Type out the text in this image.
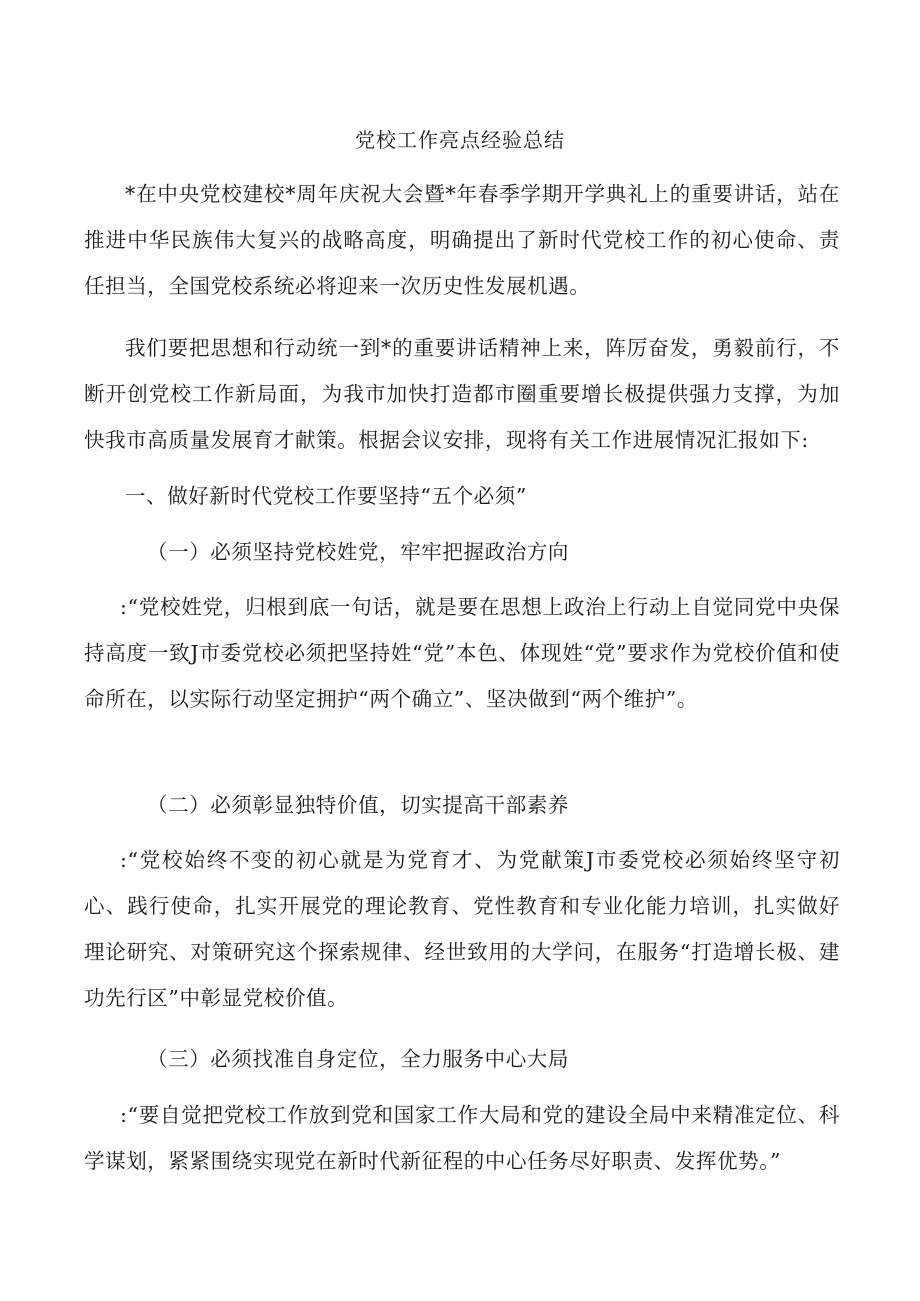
党校工作亮点经验总结

*在中央党校建校*周年庆祝大会暨*年春季学期开学典礼上的重要讲话，站在推进中华民族伟大复兴的战略高度，明确提出了新时代党校工作的初心使命、责任担当，全国党校系统必将迎来一次历史性发展机遇。

我们要把思想和行动统一到*的重要讲话精神上来，阵厉奋发，勇毅前行，不断开创党校工作新局面，为我市加快打造都市圈重要增长极提供强力支撑，为加快我市高质量发展育才献策。根据会议安排，现将有关工作进展情况汇报如下:

一、做好新时代党校工作要坚持“五个必须”

（一）必须坚持党校姓党，牢牢把握政治方向

:“党校姓党，归根到底一句话，就是要在思想上政治上行动上自觉同党中央保持高度一致J市委党校必须把坚持姓“党”本色、体现姓“党”要求作为党校价值和使命所在，以实际行动坚定拥护“两个确立”、坚决做到“两个维护”。

（二）必须彰显独特价值，切实提高干部素养

:“党校始终不变的初心就是为党育才、为党献策J市委党校必须始终坚守初心、践行使命，扎实开展党的理论教育、党性教育和专业化能力培训，扎实做好理论研究、对策研究这个探索规律、经世致用的大学问，在服务“打造增长极、建功先行区”中彰显党校价值。

（三）必须找准自身定位，全力服务中心大局

:“要自觉把党校工作放到党和国家工作大局和党的建设全局中来精准定位、科学谋划，紧紧围绕实现党在新时代新征程的中心任务尽好职责、发挥优势。”
